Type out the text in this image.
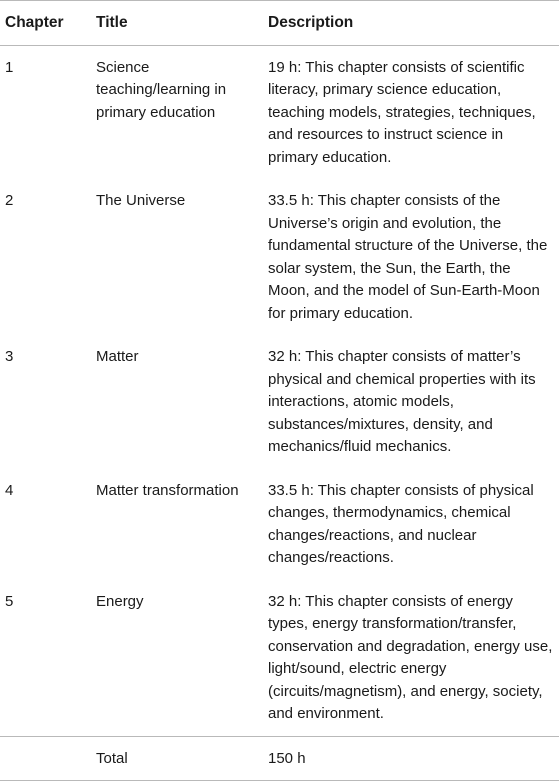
Chapter	Title	Description
1	Science teaching/learning in primary education	19 h: This chapter consists of scientific literacy, primary science education, teaching models, strategies, techniques, and resources to instruct science in primary education.
2	The Universe	33.5 h: This chapter consists of the Universe’s origin and evolution, the fundamental structure of the Universe, the solar system, the Sun, the Earth, the Moon, and the model of Sun-Earth-Moon for primary education.
3	Matter	32 h: This chapter consists of matter’s physical and chemical properties with its interactions, atomic models, substances/mixtures, density, and mechanics/fluid mechanics.
4	Matter transformation	33.5 h: This chapter consists of physical changes, thermodynamics, chemical changes/reactions, and nuclear changes/reactions.
5	Energy	32 h: This chapter consists of energy types, energy transformation/transfer, conservation and degradation, energy use, light/sound, electric energy (circuits/magnetism), and energy, society, and environment.
	Total	150 h
